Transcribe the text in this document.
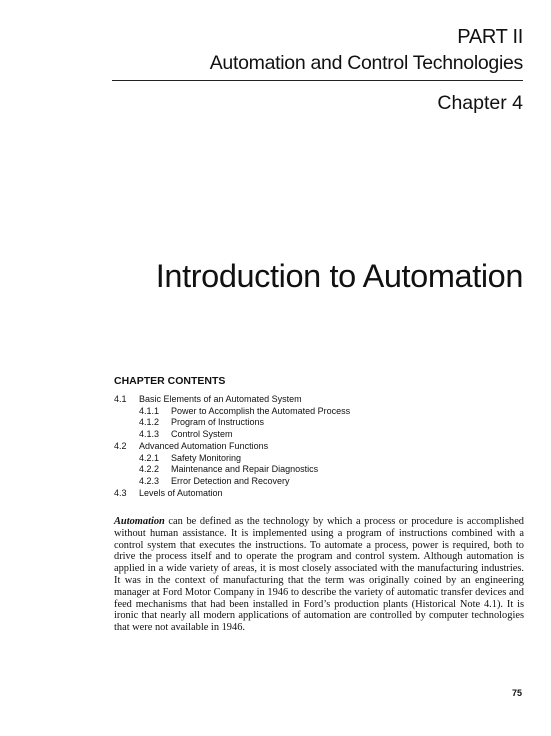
PART II
Automation and Control Technologies
Chapter 4
Introduction to Automation
CHAPTER CONTENTS
4.1	Basic Elements of an Automated System
4.1.1	Power to Accomplish the Automated Process
4.1.2	Program of Instructions
4.1.3	Control System
4.2	Advanced Automation Functions
4.2.1	Safety Monitoring
4.2.2	Maintenance and Repair Diagnostics
4.2.3	Error Detection and Recovery
4.3	Levels of Automation

Automation can be defined as the technology by which a process or procedure is accomplished without human assistance. It is implemented using a program of instructions combined with a control system that executes the instructions. To automate a process, power is required, both to drive the process itself and to operate the program and control system. Although automation is applied in a wide variety of areas, it is most closely associated with the manufacturing industries. It was in the context of manufacturing that the term was originally coined by an engineering manager at Ford Motor Company in 1946 to describe the variety of automatic transfer devices and feed mechanisms that had been installed in Ford’s production plants (Historical Note 4.1). It is ironic that nearly all modern applications of automation are controlled by computer technologies that were not available in 1946.

75
